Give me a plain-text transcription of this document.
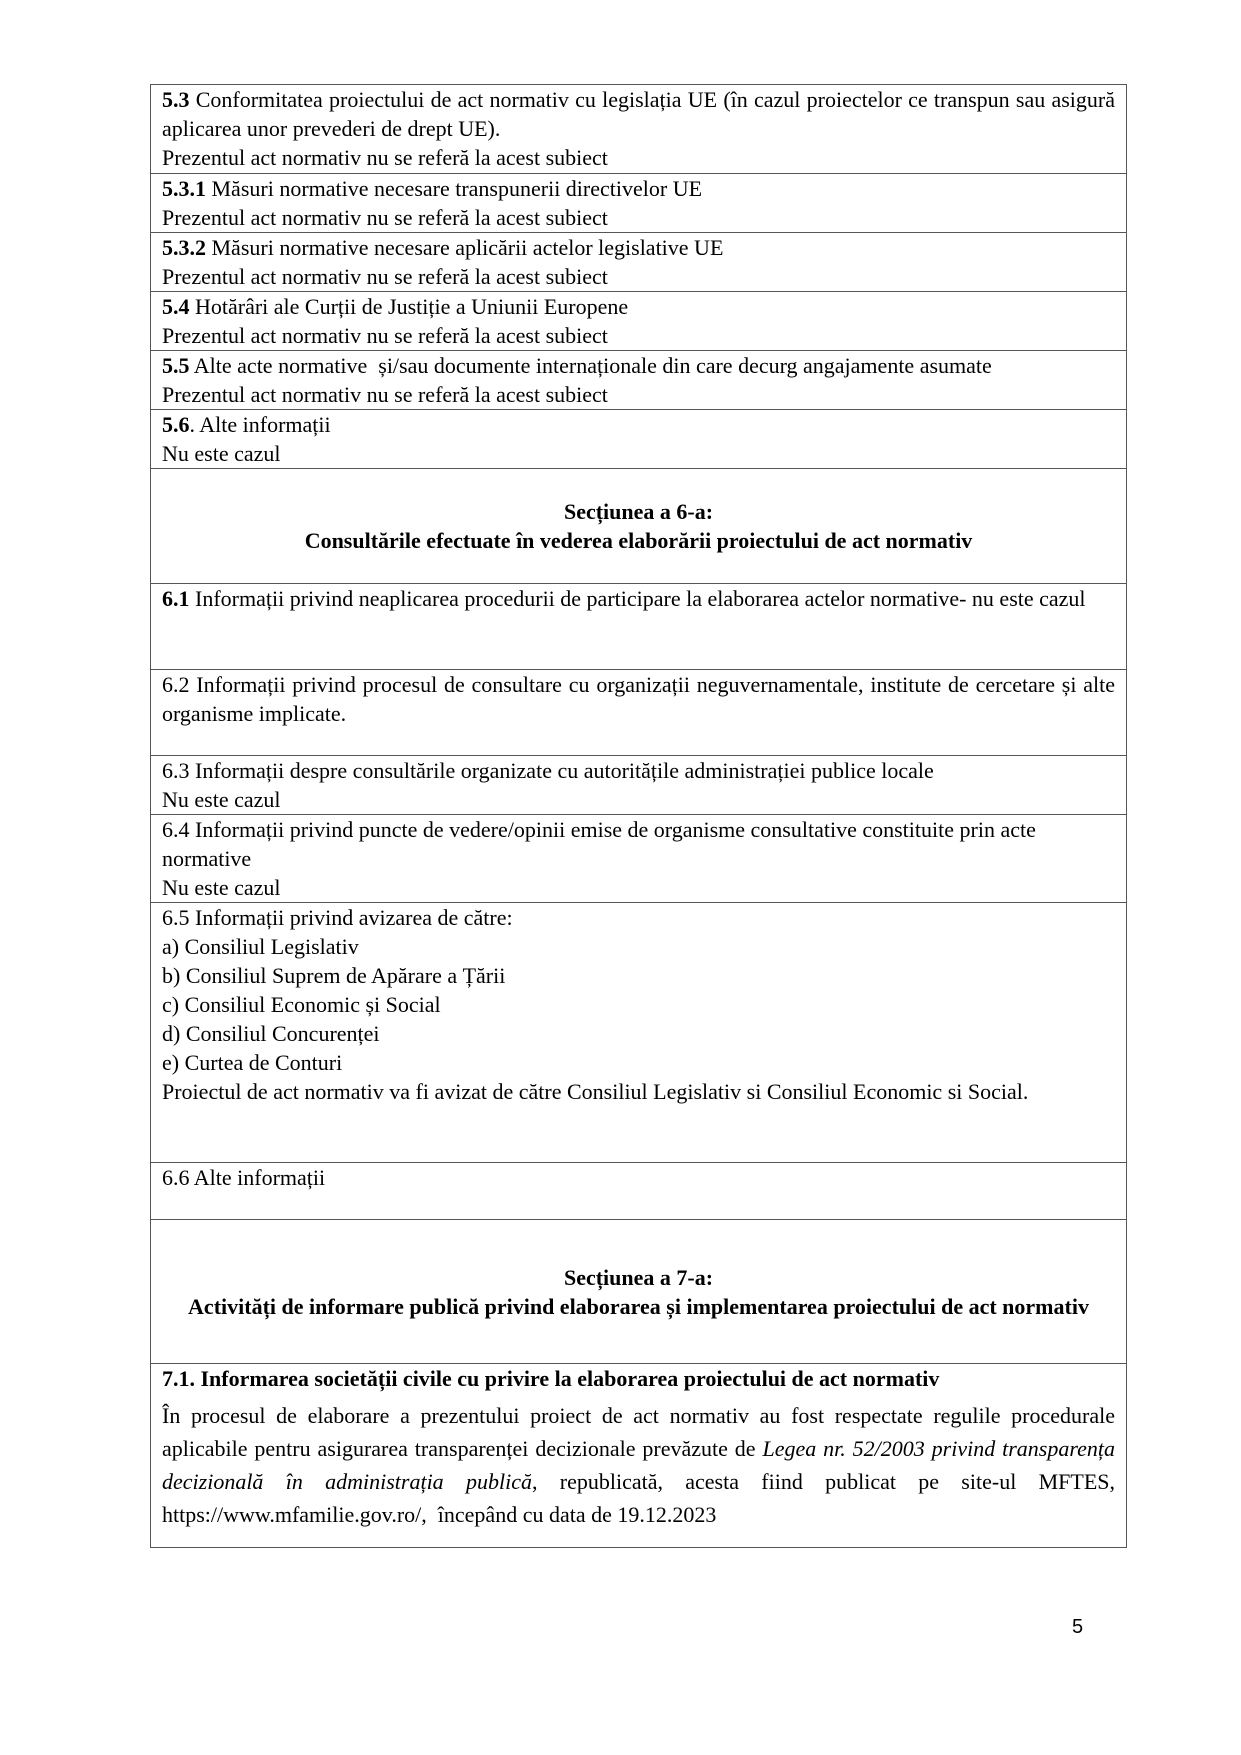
5.3 Conformitatea proiectului de act normativ cu legislația UE (în cazul proiectelor ce transpun sau asigură aplicarea unor prevederi de drept UE).
Prezentul act normativ nu se referă la acest subiect

5.3.1 Măsuri normative necesare transpunerii directivelor UE
Prezentul act normativ nu se referă la acest subiect

5.3.2 Măsuri normative necesare aplicării actelor legislative UE
Prezentul act normativ nu se referă la acest subiect

5.4 Hotărâri ale Curții de Justiție a Uniunii Europene
Prezentul act normativ nu se referă la acest subiect

5.5 Alte acte normative  și/sau documente internaționale din care decurg angajamente asumate
Prezentul act normativ nu se referă la acest subiect

5.6. Alte informații
Nu este cazul

Secțiunea a 6-a:
Consultările efectuate în vederea elaborării proiectului de act normativ

6.1 Informații privind neaplicarea procedurii de participare la elaborarea actelor normative- nu este cazul

6.2 Informații privind procesul de consultare cu organizații neguvernamentale, institute de cercetare și alte organisme implicate.

6.3 Informații despre consultările organizate cu autoritățile administrației publice locale
Nu este cazul

6.4 Informații privind puncte de vedere/opinii emise de organisme consultative constituite prin acte normative
Nu este cazul

6.5 Informații privind avizarea de către:
a) Consiliul Legislativ
b) Consiliul Suprem de Apărare a Țării
c) Consiliul Economic și Social
d) Consiliul Concurenței
e) Curtea de Conturi
Proiectul de act normativ va fi avizat de către Consiliul Legislativ si Consiliul Economic si Social.

6.6 Alte informații

Secțiunea a 7-a:
Activități de informare publică privind elaborarea și implementarea proiectului de act normativ

7.1. Informarea societății civile cu privire la elaborarea proiectului de act normativ
În procesul de elaborare a prezentului proiect de act normativ au fost respectate regulile procedurale aplicabile pentru asigurarea transparenței decizionale prevăzute de Legea nr. 52/2003 privind transparența decizională în administrația publică, republicată, acesta fiind publicat pe site-ul MFTES, https://www.mfamilie.gov.ro/,  începând cu data de 19.12.2023
5
